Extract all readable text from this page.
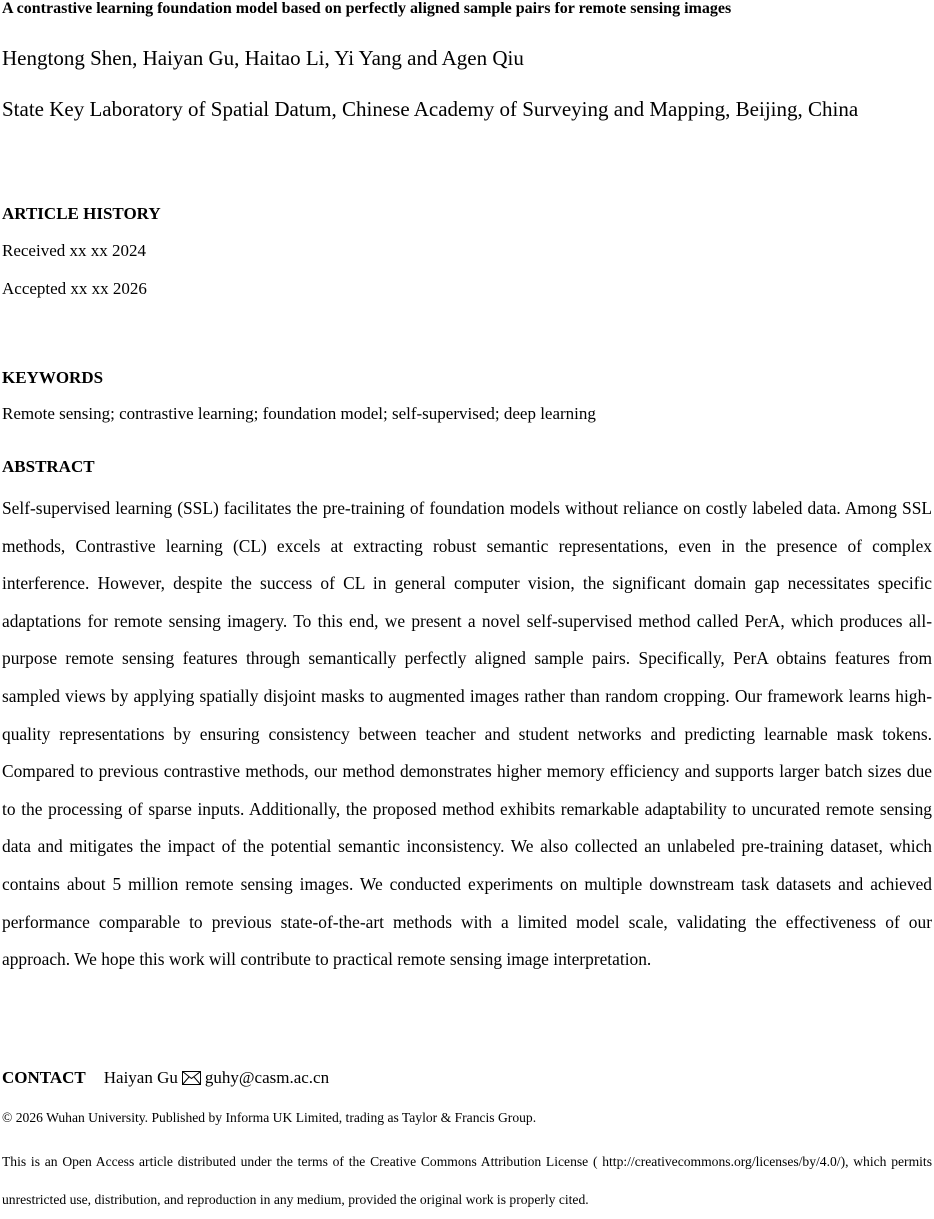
A contrastive learning foundation model based on perfectly aligned sample pairs for remote sensing images
Hengtong Shen, Haiyan Gu, Haitao Li, Yi Yang and Agen Qiu
State Key Laboratory of Spatial Datum, Chinese Academy of Surveying and Mapping, Beijing, China
ARTICLE HISTORY
Received xx xx 2024
Accepted xx xx 2026
KEYWORDS
Remote sensing; contrastive learning; foundation model; self-supervised; deep learning
ABSTRACT
Self-supervised learning (SSL) facilitates the pre-training of foundation models without reliance on costly labeled data. Among SSL methods, Contrastive learning (CL) excels at extracting robust semantic representations, even in the presence of complex interference. However, despite the success of CL in general computer vision, the significant domain gap necessitates specific adaptations for remote sensing imagery. To this end, we present a novel self-supervised method called PerA, which produces all-purpose remote sensing features through semantically perfectly aligned sample pairs. Specifically, PerA obtains features from sampled views by applying spatially disjoint masks to augmented images rather than random cropping. Our framework learns high-quality representations by ensuring consistency between teacher and student networks and predicting learnable mask tokens. Compared to previous contrastive methods, our method demonstrates higher memory efficiency and supports larger batch sizes due to the processing of sparse inputs. Additionally, the proposed method exhibits remarkable adaptability to uncurated remote sensing data and mitigates the impact of the potential semantic inconsistency. We also collected an unlabeled pre-training dataset, which contains about 5 million remote sensing images. We conducted experiments on multiple downstream task datasets and achieved performance comparable to previous state-of-the-art methods with a limited model scale, validating the effectiveness of our approach. We hope this work will contribute to practical remote sensing image interpretation.
CONTACT Haiyan Gu guhy@casm.ac.cn
© 2026 Wuhan University. Published by Informa UK Limited, trading as Taylor & Francis Group.
This is an Open Access article distributed under the terms of the Creative Commons Attribution License ( http://creativecommons.org/licenses/by/4.0/), which permits unrestricted use, distribution, and reproduction in any medium, provided the original work is properly cited.
